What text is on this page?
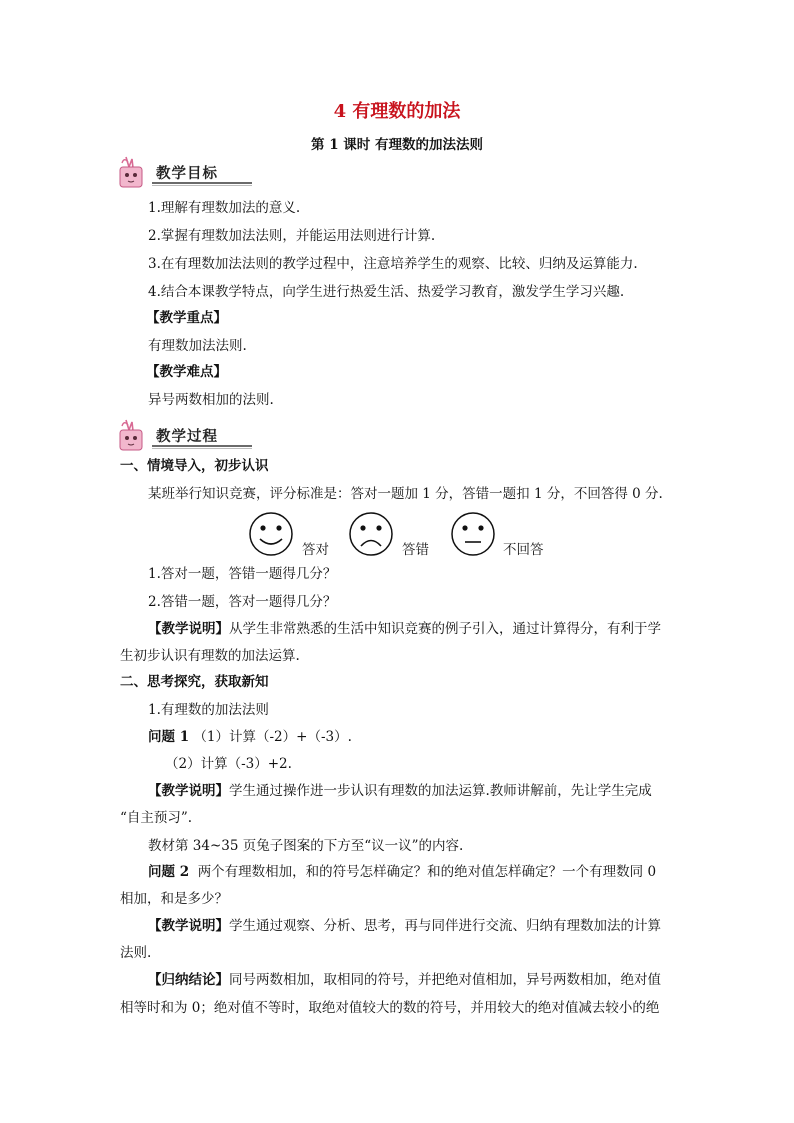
4 有理数的加法
第 1 课时 有理数的加法法则
教学目标
1.理解有理数加法的意义.
2.掌握有理数加法法则，并能运用法则进行计算.
3.在有理数加法法则的教学过程中，注意培养学生的观察、比较、归纳及运算能力.
4.结合本课教学特点，向学生进行热爱生活、热爱学习教育，激发学生学习兴趣.
【教学重点】
有理数加法法则.
【教学难点】
异号两数相加的法则.
教学过程
一、情境导入，初步认识
某班举行知识竞赛，评分标准是：答对一题加 1 分，答错一题扣 1 分，不回答得 0 分.
答对	答错	不回答
1.答对一题，答错一题得几分？
2.答错一题，答对一题得几分？
【教学说明】从学生非常熟悉的生活中知识竞赛的例子引入，通过计算得分，有利于学
生初步认识有理数的加法运算.
二、思考探究，获取新知
1.有理数的加法法则
问题 1 （1）计算（-2）+（-3）.
（2）计算（-3）+2.
【教学说明】学生通过操作进一步认识有理数的加法运算.教师讲解前，先让学生完成
“自主预习”.
教材第 34~35 页兔子图案的下方至“议一议”的内容.
问题 2 两个有理数相加，和的符号怎样确定？和的绝对值怎样确定？一个有理数同 0
相加，和是多少？
【教学说明】学生通过观察、分析、思考，再与同伴进行交流、归纳有理数加法的计算
法则.
【归纳结论】同号两数相加，取相同的符号，并把绝对值相加，异号两数相加，绝对值
相等时和为 0；绝对值不等时，取绝对值较大的数的符号，并用较大的绝对值减去较小的绝
